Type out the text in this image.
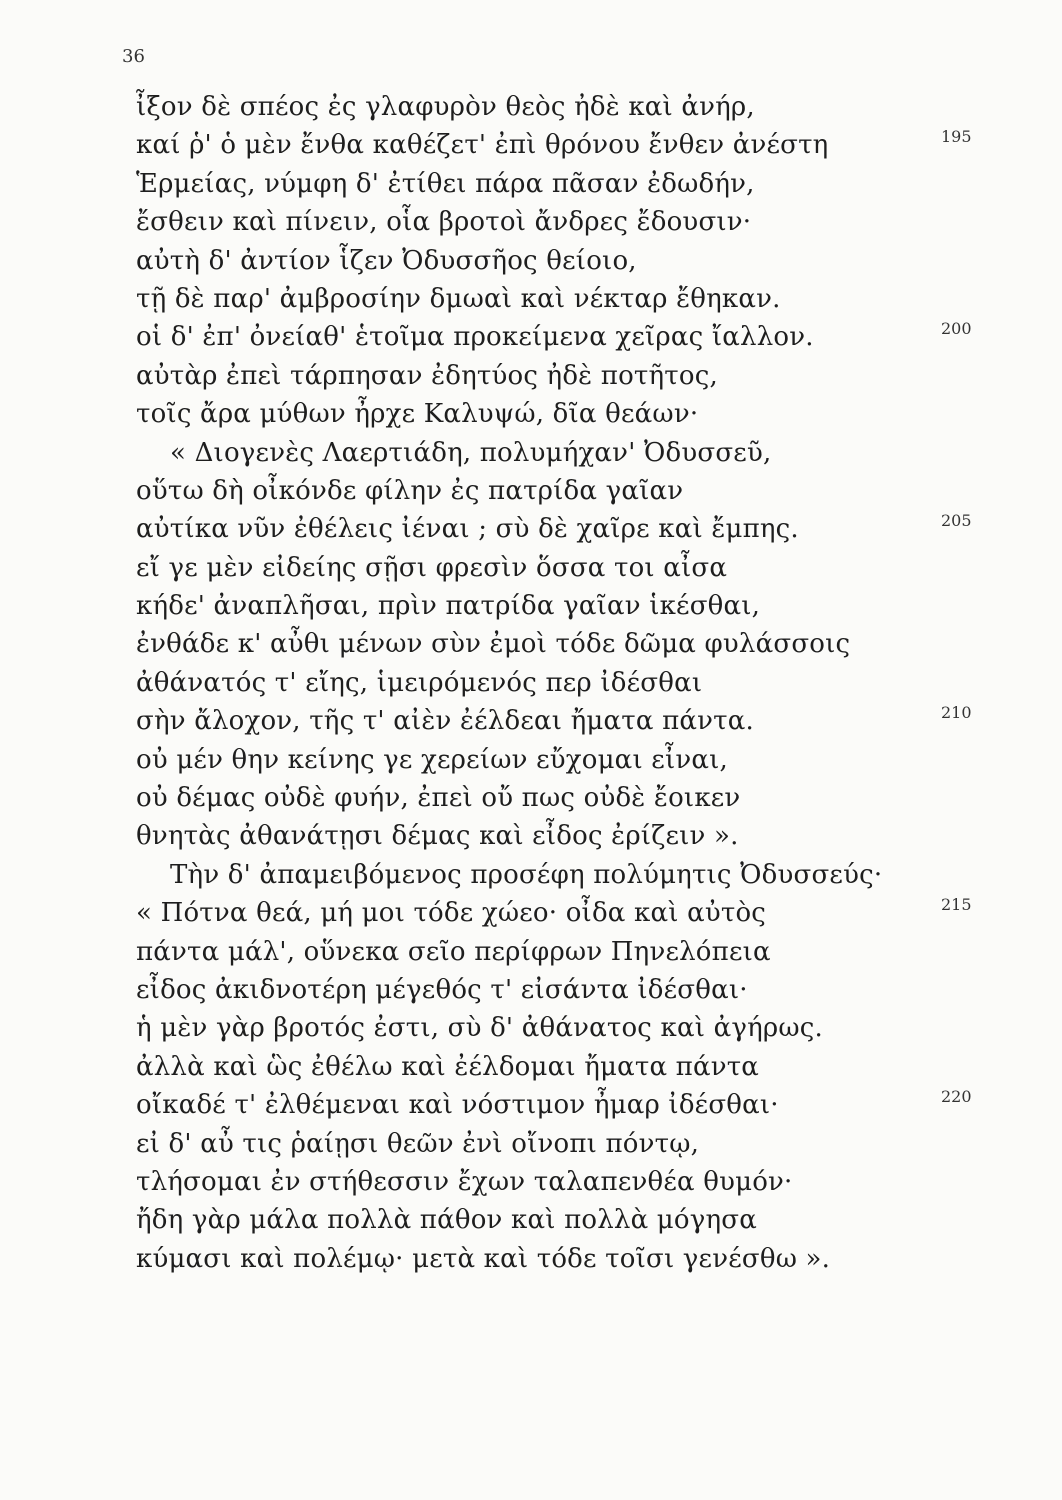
36
ἶξον δὲ σπέος ἐς γλαφυρὸν θεὸς ἠδὲ καὶ ἀνήρ,
καί ῥ' ὁ μὲν ἔνθα καθέζετ' ἐπὶ θρόνου ἔνθεν ἀνέστη	195
Ἑρμείας, νύμφη δ' ἐτίθει πάρα πᾶσαν ἐδωδήν,
ἔσθειν καὶ πίνειν, οἷα βροτοὶ ἄνδρες ἔδουσιν·
αὐτὴ δ' ἀντίον ἷζεν Ὀδυσσῆος θείοιο,
τῇ δὲ παρ' ἀμβροσίην δμωαὶ καὶ νέκταρ ἔθηκαν.
οἱ δ' ἐπ' ὀνείαθ' ἑτοῖμα προκείμενα χεῖρας ἴαλλον.	200
αὐτὰρ ἐπεὶ τάρπησαν ἐδητύος ἠδὲ ποτῆτος,
τοῖς ἄρα μύθων ἦρχε Καλυψώ, δῖα θεάων·
« Διογενὲς Λαερτιάδη, πολυμήχαν' Ὀδυσσεῦ,
οὕτω δὴ οἶκόνδε φίλην ἐς πατρίδα γαῖαν
αὐτίκα νῦν ἐθέλεις ἰέναι ; σὺ δὲ χαῖρε καὶ ἔμπης.	205
εἴ γε μὲν εἰδείης σῇσι φρεσὶν ὅσσα τοι αἶσα
κήδε' ἀναπλῆσαι, πρὶν πατρίδα γαῖαν ἱκέσθαι,
ἐνθάδε κ' αὖθι μένων σὺν ἐμοὶ τόδε δῶμα φυλάσσοις
ἀθάνατός τ' εἴης, ἱμειρόμενός περ ἰδέσθαι
σὴν ἄλοχον, τῆς τ' αἰὲν ἐέλδεαι ἤματα πάντα.	210
οὐ μέν θην κείνης γε χερείων εὔχομαι εἶναι,
οὐ δέμας οὐδὲ φυήν, ἐπεὶ οὔ πως οὐδὲ ἔοικεν
θνητὰς ἀθανάτῃσι δέμας καὶ εἶδος ἐρίζειν ».
Τὴν δ' ἀπαμειβόμενος προσέφη πολύμητις Ὀδυσσεύς·
« Πότνα θεά, μή μοι τόδε χώεο· οἶδα καὶ αὐτὸς	215
πάντα μάλ', οὕνεκα σεῖο περίφρων Πηνελόπεια
εἶδος ἀκιδνοτέρη μέγεθός τ' εἰσάντα ἰδέσθαι·
ἡ μὲν γὰρ βροτός ἐστι, σὺ δ' ἀθάνατος καὶ ἀγήρως.
ἀλλὰ καὶ ὣς ἐθέλω καὶ ἐέλδομαι ἤματα πάντα
οἴκαδέ τ' ἐλθέμεναι καὶ νόστιμον ἦμαρ ἰδέσθαι·	220
εἰ δ' αὖ τις ῥαίῃσι θεῶν ἐνὶ οἴνοπι πόντῳ,
τλήσομαι ἐν στήθεσσιν ἔχων ταλαπενθέα θυμόν·
ἤδη γὰρ μάλα πολλὰ πάθον καὶ πολλὰ μόγησα
κύμασι καὶ πολέμῳ· μετὰ καὶ τόδε τοῖσι γενέσθω ».
